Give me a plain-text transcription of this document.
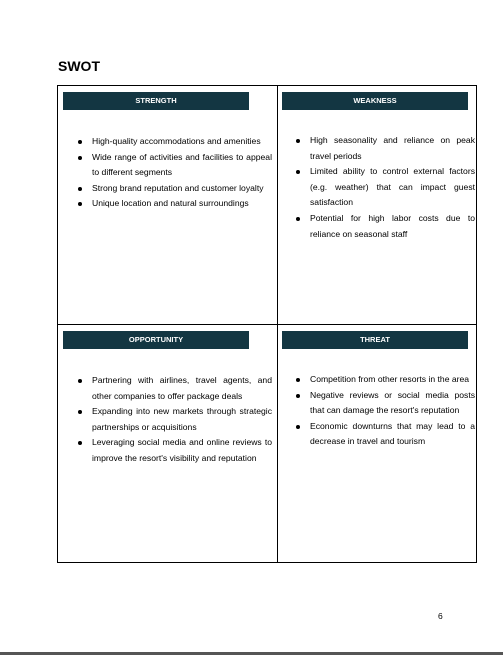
SWOT
STRENGTH
High-quality accommodations and amenities
Wide range of activities and facilities to appeal to different segments
Strong brand reputation and customer loyalty
Unique location and natural surroundings
WEAKNESS
High seasonality and reliance on peak travel periods
Limited ability to control external factors (e.g. weather) that can impact guest satisfaction
Potential for high labor costs due to reliance on seasonal staff
OPPORTUNITY
Partnering with airlines, travel agents, and other companies to offer package deals
Expanding into new markets through strategic partnerships or acquisitions
Leveraging social media and online reviews to improve the resort's visibility and reputation
THREAT
Competition from other resorts in the area
Negative reviews or social media posts that can damage the resort's reputation
Economic downturns that may lead to a decrease in travel and tourism
6
